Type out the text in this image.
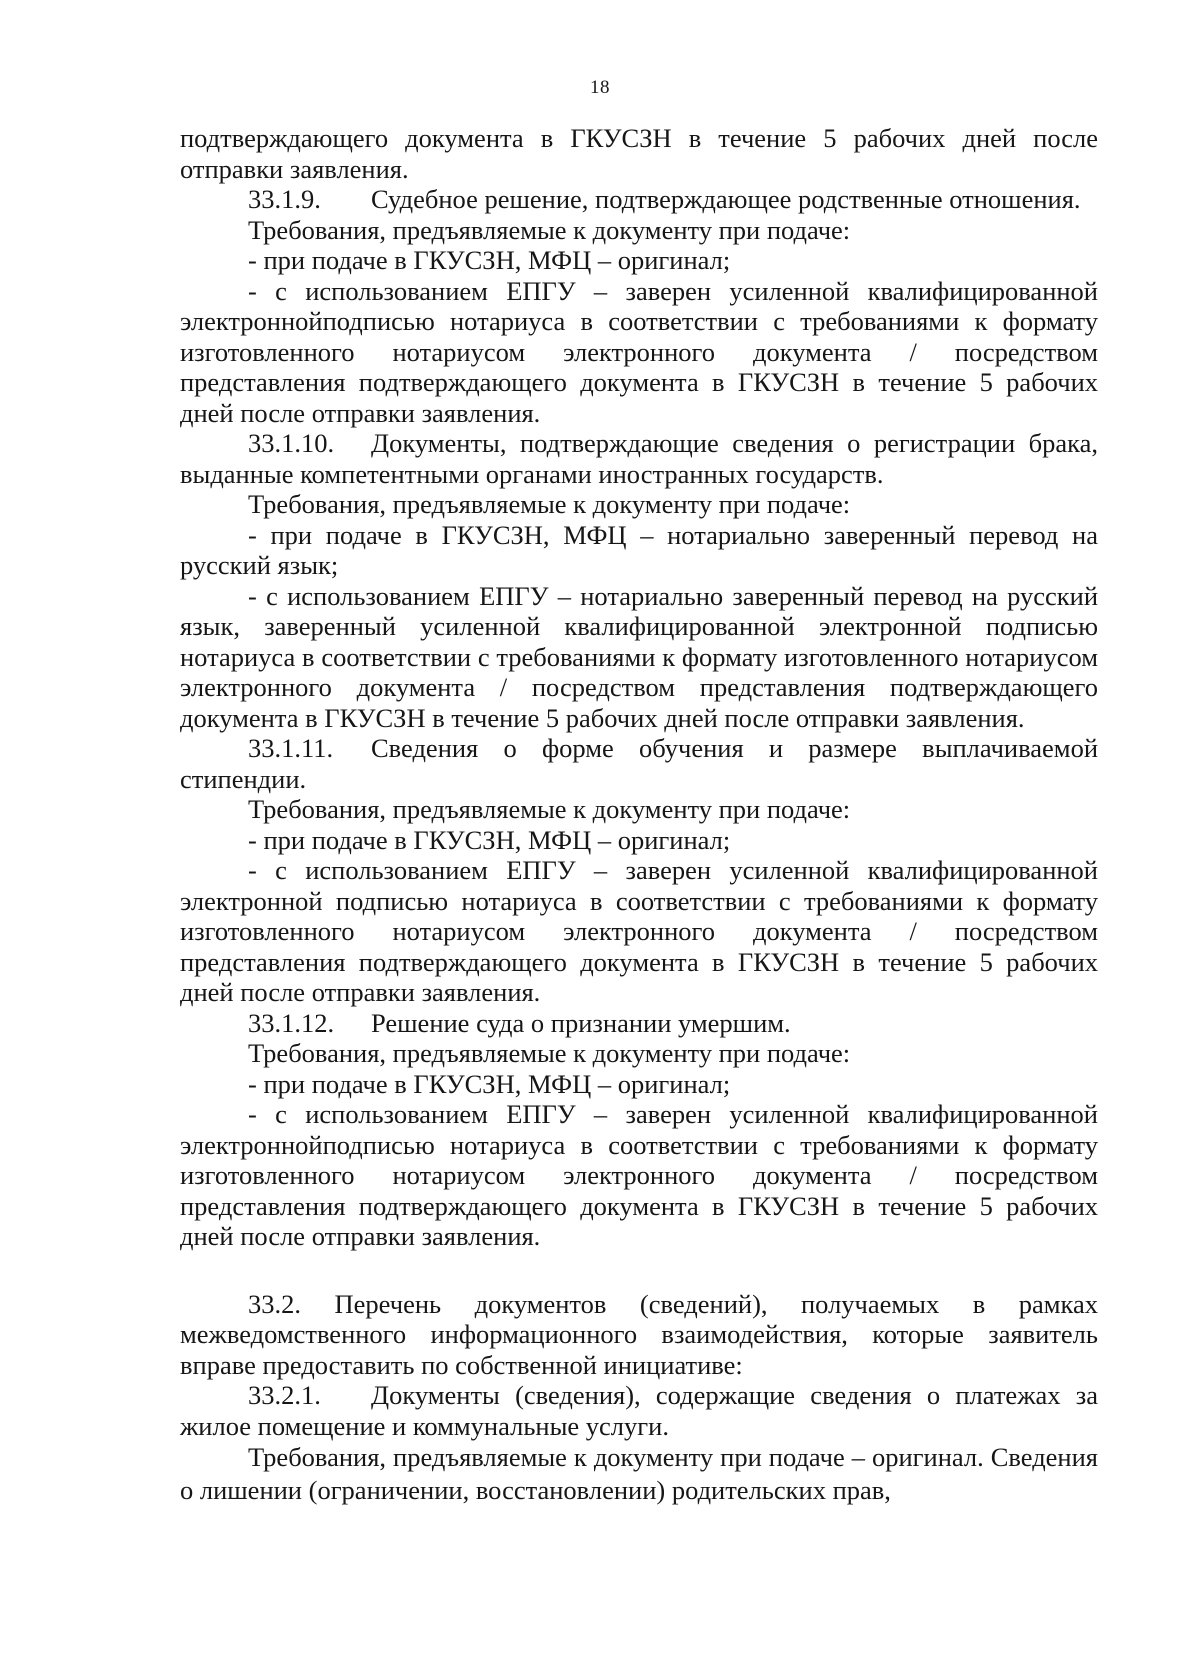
18

подтверждающего документа в ГКУСЗН в течение 5 рабочих дней после отправки заявления.

33.1.9. Судебное решение, подтверждающее родственные отношения.

Требования, предъявляемые к документу при подаче:

- при подаче в ГКУСЗН, МФЦ – оригинал;

- с использованием ЕПГУ – заверен усиленной квалифицированной электроннойподписью нотариуса в соответствии с требованиями к формату изготовленного нотариусом электронного документа / посредством представления подтверждающего документа в ГКУСЗН в течение 5 рабочих дней после отправки заявления.

33.1.10. Документы, подтверждающие сведения о регистрации брака, выданные компетентными органами иностранных государств.

Требования, предъявляемые к документу при подаче:

- при подаче в ГКУСЗН, МФЦ – нотариально заверенный перевод на русский язык;

- с использованием ЕПГУ – нотариально заверенный перевод на русский язык, заверенный усиленной квалифицированной электронной подписью нотариуса в соответствии с требованиями к формату изготовленного нотариусом электронного документа / посредством представления подтверждающего документа в ГКУСЗН в течение 5 рабочих дней после отправки заявления.

33.1.11. Сведения о форме обучения и размере выплачиваемой стипендии.

Требования, предъявляемые к документу при подаче:

- при подаче в ГКУСЗН, МФЦ – оригинал;

- с использованием ЕПГУ – заверен усиленной квалифицированной электронной подписью нотариуса в соответствии с требованиями к формату изготовленного нотариусом электронного документа / посредством представления подтверждающего документа в ГКУСЗН в течение 5 рабочих дней после отправки заявления.

33.1.12. Решение суда о признании умершим.

Требования, предъявляемые к документу при подаче:

- при подаче в ГКУСЗН, МФЦ – оригинал;

- с использованием ЕПГУ – заверен усиленной квалифицированной электроннойподписью нотариуса в соответствии с требованиями к формату изготовленного нотариусом электронного документа / посредством представления подтверждающего документа в ГКУСЗН в течение 5 рабочих дней после отправки заявления.

33.2. Перечень документов (сведений), получаемых в рамках межведомственного информационного взаимодействия, которые заявитель вправе предоставить по собственной инициативе:

33.2.1. Документы (сведения), содержащие сведения о платежах за жилое помещение и коммунальные услуги.

Требования, предъявляемые к документу при подаче – оригинал. Сведения о лишении (ограничении, восстановлении) родительских прав,
